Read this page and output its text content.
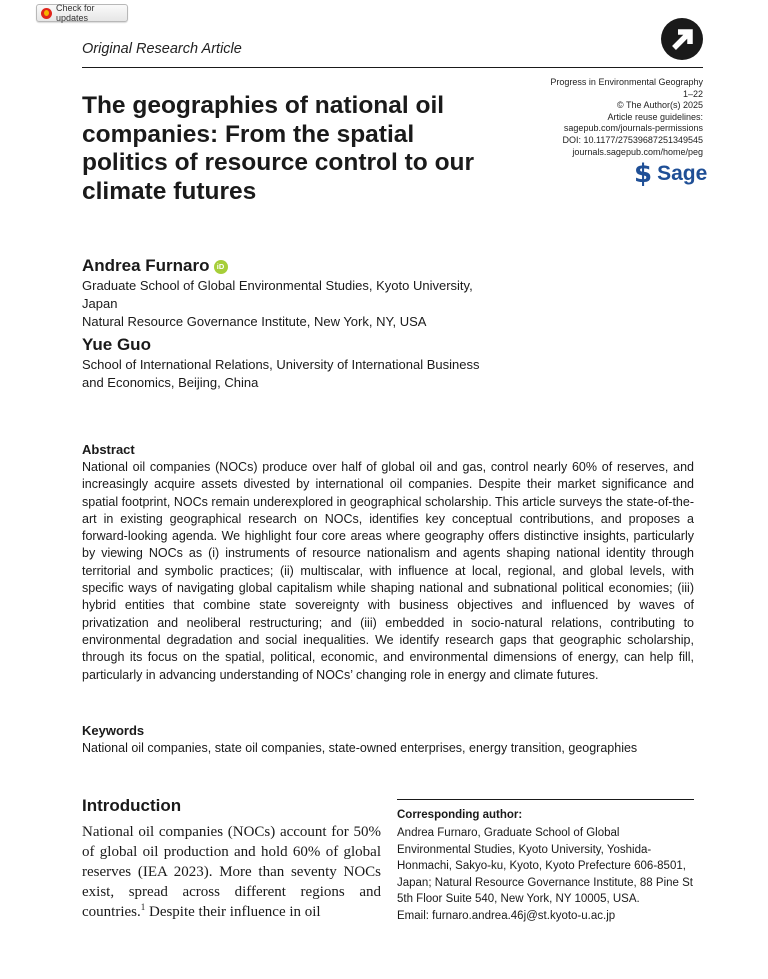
Check for updates
Original Research Article
The geographies of national oil companies: From the spatial politics of resource control to our climate futures
Progress in Environmental Geography
1–22
© The Author(s) 2025
Article reuse guidelines:
sagepub.com/journals-permissions
DOI: 10.1177/27539687251349545
journals.sagepub.com/home/peg
$ Sage
Andrea Furnaro iD
Graduate School of Global Environmental Studies, Kyoto University, Japan
Natural Resource Governance Institute, New York, NY, USA
Yue Guo
School of International Relations, University of International Business and Economics, Beijing, China
Abstract
National oil companies (NOCs) produce over half of global oil and gas, control nearly 60% of reserves, and increasingly acquire assets divested by international oil companies. Despite their market significance and spatial footprint, NOCs remain underexplored in geographical scholarship. This article surveys the state-of-the-art in existing geographical research on NOCs, identifies key conceptual contributions, and proposes a forward-looking agenda. We highlight four core areas where geography offers distinctive insights, particularly by viewing NOCs as (i) instruments of resource nationalism and agents shaping national identity through territorial and symbolic practices; (ii) multiscalar, with influence at local, regional, and global levels, with specific ways of navigating global capitalism while shaping national and subnational political economies; (iii) hybrid entities that combine state sovereignty with business objectives and influenced by waves of privatization and neoliberal restructuring; and (iii) embedded in socio-natural relations, contributing to environmental degradation and social inequalities. We identify research gaps that geographic scholarship, through its focus on the spatial, political, economic, and environmental dimensions of energy, can help fill, particularly in advancing understanding of NOCs’ changing role in energy and climate futures.
Keywords
National oil companies, state oil companies, state-owned enterprises, energy transition, geographies
Introduction
National oil companies (NOCs) account for 50% of global oil production and hold 60% of global reserves (IEA 2023). More than seventy NOCs exist, spread across different regions and countries.$^1$ Despite their influence in oil
Corresponding author:
Andrea Furnaro, Graduate School of Global
Environmental Studies, Kyoto University, Yoshida-
Honmachi, Sakyo-ku, Kyoto, Kyoto Prefecture 606-8501,
Japan; Natural Resource Governance Institute, 88 Pine St
5th Floor Suite 540, New York, NY 10005, USA.
Email: furnaro.andrea.46j@st.kyoto-u.ac.jp
